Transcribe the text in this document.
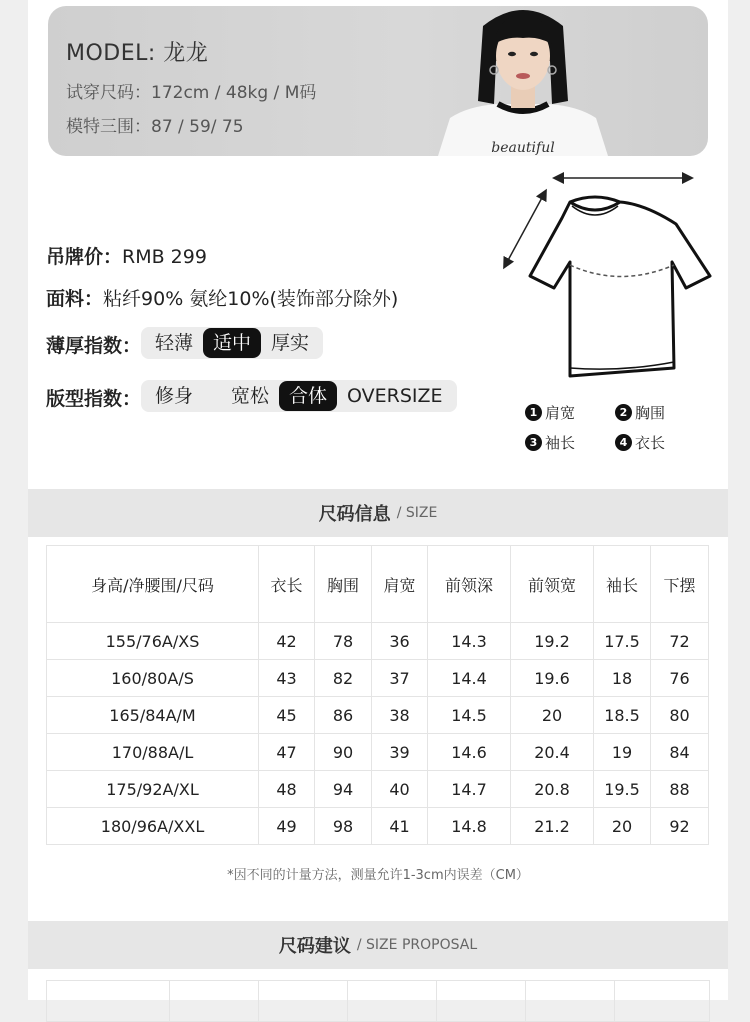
MODEL: 龙龙
试穿尺码：172cm / 48kg / M码
模特三围：87 / 59/ 75
beautiful
吊牌价：RMB 299
面料：粘纤90% 氨纶10%(装饰部分除外)
薄厚指数： 轻薄	适中	厚实
版型指数： 修身	宽松	合体	OVERSIZE
1 肩宽	2 胸围
3 袖长	4 衣长
尺码信息 / SIZE
身高/净腰围/尺码	衣长	胸围	肩宽	前领深	前领宽	袖长	下摆
155/76A/XS	42	78	36	14.3	19.2	17.5	72
160/80A/S	43	82	37	14.4	19.6	18	76
165/84A/M	45	86	38	14.5	20	18.5	80
170/88A/L	47	90	39	14.6	20.4	19	84
175/92A/XL	48	94	40	14.7	20.8	19.5	88
180/96A/XXL	49	98	41	14.8	21.2	20	92
*因不同的计量方法，测量允许1-3cm内误差（CM）
尺码建议 / SIZE PROPOSAL
